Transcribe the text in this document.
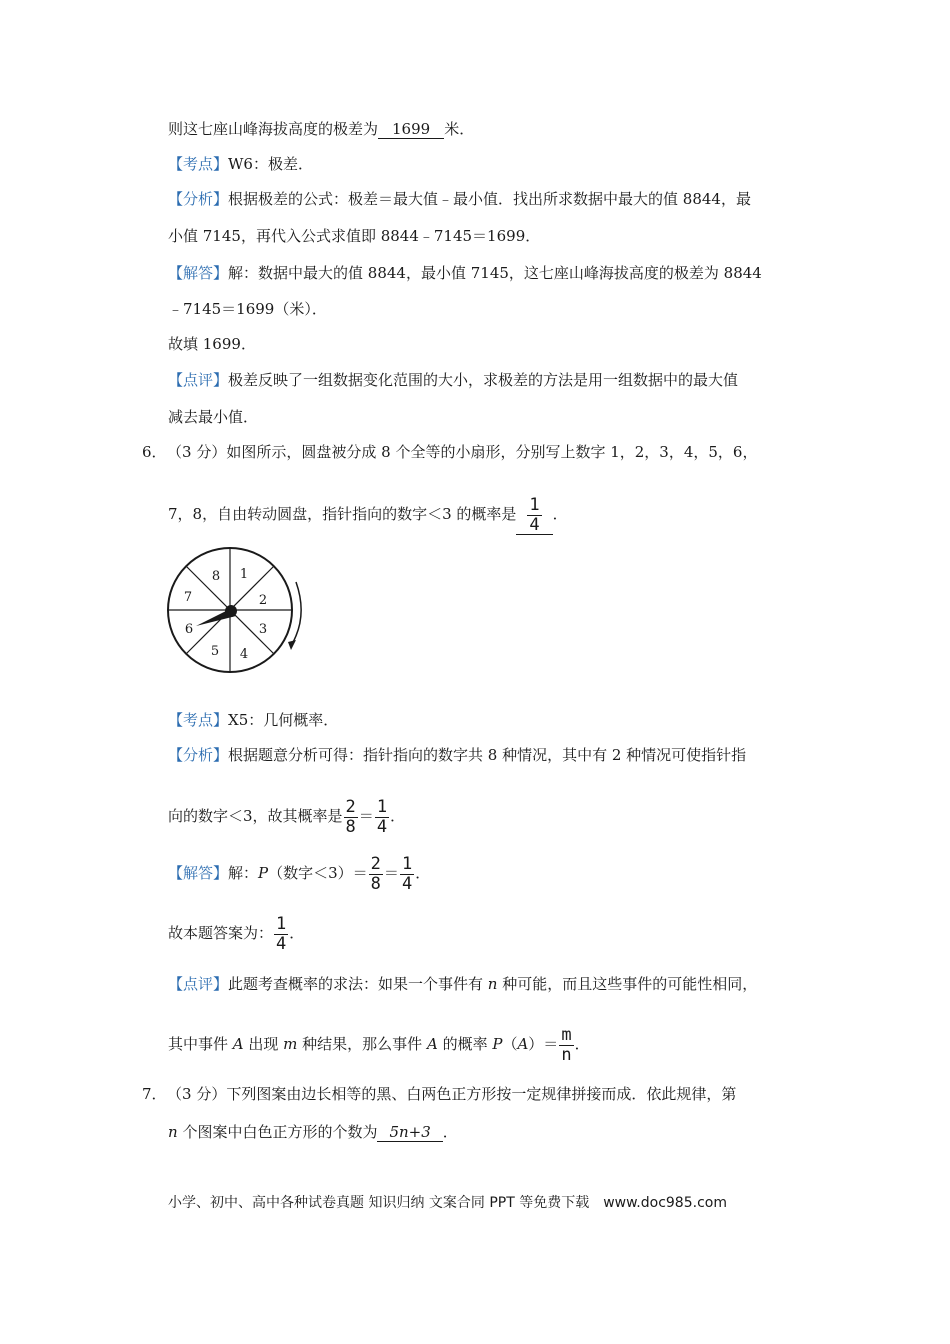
则这七座山峰海拔高度的极差为 1699 米．
【考点】W6：极差．
【分析】根据极差的公式：极差＝最大值﹣最小值．找出所求数据中最大的值 8844，最
小值 7145，再代入公式求值即 8844﹣7145＝1699．
【解答】解：数据中最大的值 8844，最小值 7145，这七座山峰海拔高度的极差为 8844
﹣7145＝1699（米）．
故填 1699．
【点评】极差反映了一组数据变化范围的大小，求极差的方法是用一组数据中的最大值
减去最小值．
6． （3 分）如图所示，圆盘被分成 8 个全等的小扇形，分别写上数字 1，2，3，4，5，6，
7，8，自由转动圆盘，指针指向的数字＜3 的概率是 $\frac{1}{4}$ ．
1
2
3
4
5
6
7
8
【考点】X5：几何概率．
【分析】根据题意分析可得：指针指向的数字共 8 种情况，其中有 2 种情况可使指针指
向的数字＜3，故其概率是 $\frac{2}{8} = \frac{1}{4}$ ．
【解答】解：P（数字$<3)= \frac{2}{8} = \frac{1}{4}$ ．
故本题答案为： $\frac{1}{4}$ ．
【点评】此题考查概率的求法：如果一个事件有 n 种可能，而且这些事件的可能性相同，
其中事件 A 出现 m 种结果，那么事件 A 的概率 $P(A)= \frac{m}{n}$ ．
7． （3 分）下列图案由边长相等的黑、白两色正方形按一定规律拼接而成．依此规律，第
n 个图案中白色正方形的个数为 5n+3 ．
小学、初中、高中各种试卷真题 知识归纳 文案合同 PPT 等免费下载　www.doc985.com
